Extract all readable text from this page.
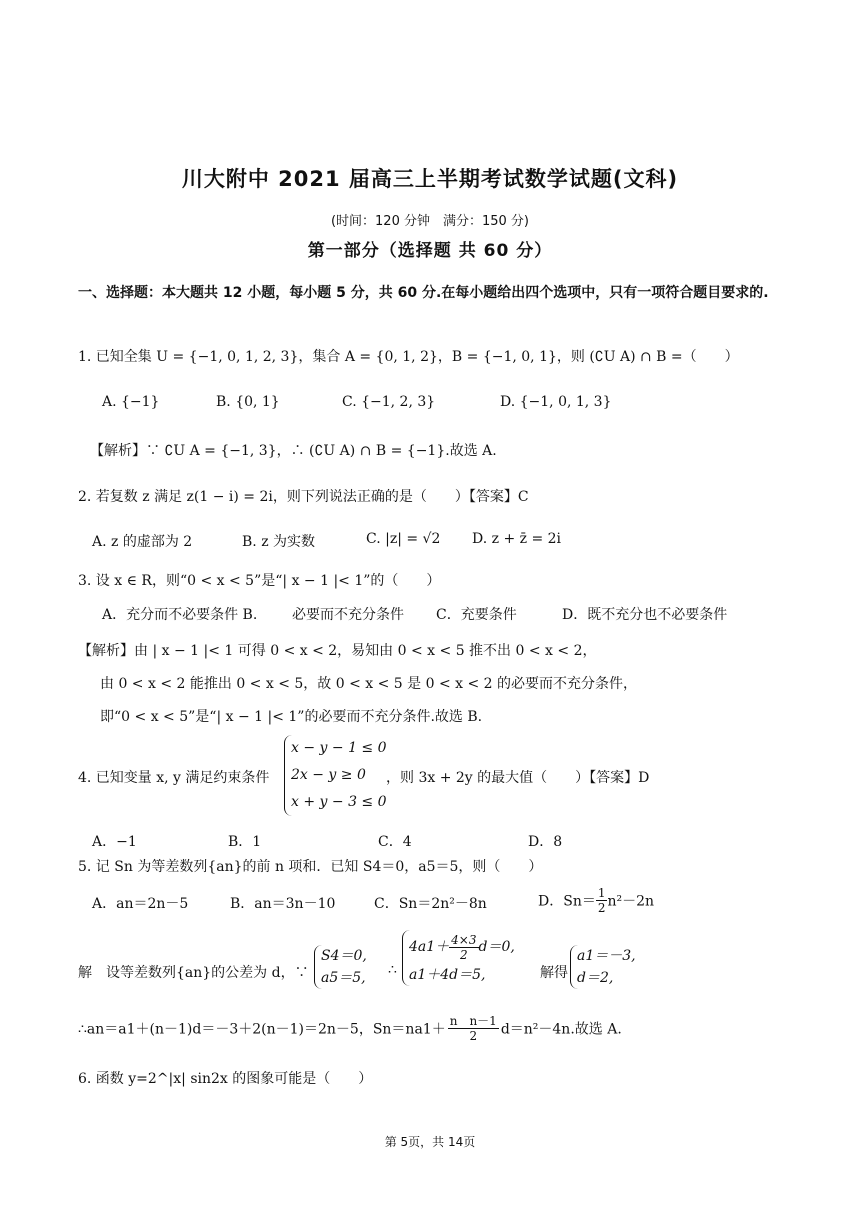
川大附中 2021 届高三上半期考试数学试题(文科)
(时间：120 分钟　满分：150 分)
第一部分（选择题 共 60 分）
一、选择题：本大题共 12 小题，每小题 5 分，共 60 分.在每小题给出四个选项中，只有一项符合题目要求的.
1. 已知全集 U = {−1, 0, 1, 2, 3}，集合 A = {0, 1, 2}，B = {−1, 0, 1}，则 (∁U A) ∩ B =（　　）
A. {−1}	B. {0, 1}	C. {−1, 2, 3}	D. {−1, 0, 1, 3}
【解析】∵ ∁U A = {−1, 3}，∴ (∁U A) ∩ B = {−1}.故选 A.
2. 若复数 z 满足 z(1 − i) = 2i，则下列说法正确的是（　　）【答案】C
A. z 的虚部为 2	B. z 为实数	C. |z| = √2 D. z + z̄ = 2i
3. 设 x ∈ R，则“0 < x < 5”是“| x − 1 |< 1”的（　　）
A．充分而不必要条件 B. 必要而不充分条件 C．充要条件	D．既不充分也不必要条件
【解析】由 | x − 1 |< 1 可得 0 < x < 2，易知由 0 < x < 5 推不出 0 < x < 2，
由 0 < x < 2 能推出 0 < x < 5，故 0 < x < 5 是 0 < x < 2 的必要而不充分条件，
即“0 < x < 5”是“| x − 1 |< 1”的必要而不充分条件.故选 B.
4. 已知变量 x, y 满足约束条件
x − y − 1 ≤ 0
2x − y ≥ 0
x + y − 3 ≤ 0
，则 3x + 2y 的最大值（　　）【答案】D
A．−1	B．1	C．4	D．8
5. 记 Sn 为等差数列{an}的前 n 项和．已知 S4＝0，a5＝5，则（　　）
A．an＝2n－5	B．an＝3n－10	C．Sn＝2n²－8n	D．$Sn= \frac{1}{2} n^2-2n$
解　设等差数列{an}的公差为 d，∵
S4＝0,
a5＝5, ∴
$4a1+ \frac{4\times 3}{2} d=0$,
a1＋4d＝5,	解得
a1＝－3,
d＝2,
∴an＝a1＋(n－1)d＝－3＋2(n－1)＝2n－5，$Sn=na1+ \frac{\text{n　n－1}}{2} d=n^2-4n$.故选 A.
6. 函数 y=2^|x| sin2x 的图象可能是（　　）
第 5页，共 14页
